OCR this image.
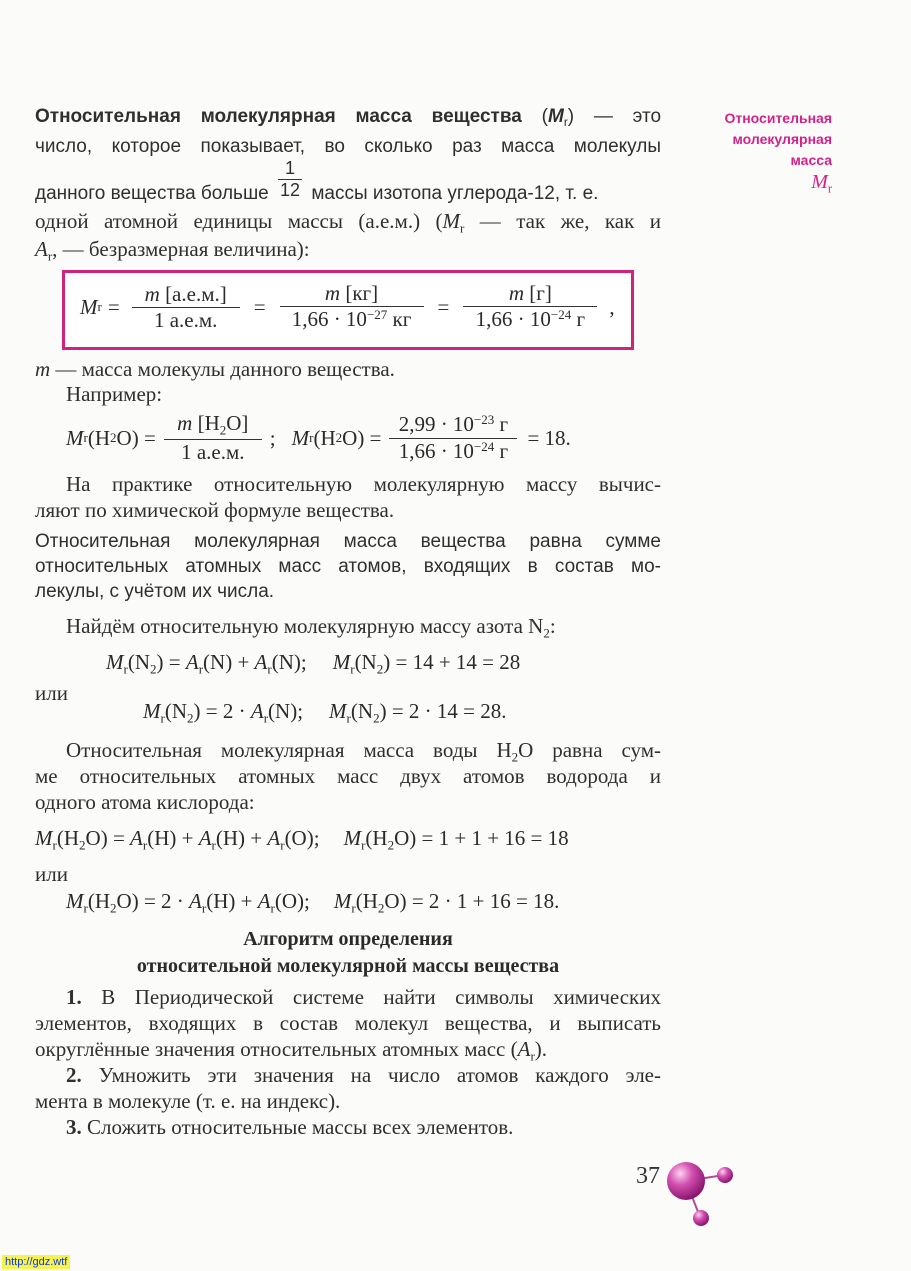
Относительная
молекулярная
масса
$M_r$
Относительная молекулярная масса вещества $(M_r)$ — это
число, которое показывает, во сколько раз масса молекулы
данного вещества больше $\frac{1}{12}$ массы изотопа углерода-12, т. е.
одной атомной единицы массы (а.е.м.) ($M_r$ — так же, как и
$A_r$, — безразмерная величина):
M $r = \frac{m [а.е.м.]}{1 а.е.м.} = \frac{m [кг]}{1,66 \cdot 10^{-27} кг} = \frac{m [г]}{1,66 \cdot 10^{-24} г}$ ,
m — масса молекулы данного вещества.
Например:
M r (H 2 $O) = \frac{m [H_2O]}{1 а.е.м.}$ ; M r (H 2 $O) = \frac{2,99 \cdot 10^{-23} г}{1,66 \cdot 10^{-24} г} = 18$.
На практике относительную молекулярную массу вычис-
ляют по химической формуле вещества.
Относительная молекулярная масса вещества равна сумме
относительных атомных масс атомов, входящих в состав мо-
лекулы, с учётом их числа.
Найдём относительную молекулярную массу азота $N_2$:
$M_r(N_2) = A_r(N) + A_r(N)$; $M_r(N_2) = 14 + 14 = 28$
или
$M_r(N_2) = 2 \cdot A_r(N)$; $M_r(N_2) = 2 \cdot 14 = 28$.
Относительная молекулярная масса воды $H_2O$ равна сум-
ме относительных атомных масс двух атомов водорода и
одного атома кислорода:
$M_r(H_2O) = A_r(H) + A_r(H) + A_r(O)$; $M_r(H_2O) = 1 + 1 + 16 = 18$
или
$M_r(H_2O) = 2 \cdot A_r(H) + A_r(O)$; $M_r(H_2O) = 2 \cdot 1 + 16 = 18$.
Алгоритм определения
относительной молекулярной массы вещества
1. В Периодической системе найти символы химических
элементов, входящих в состав молекул вещества, и выписать
округлённые значения относительных атомных масс $(A_r)$.
2. Умножить эти значения на число атомов каждого эле-
мента в молекуле (т. е. на индекс).
3. Сложить относительные массы всех элементов.
37
http://gdz.wtf
